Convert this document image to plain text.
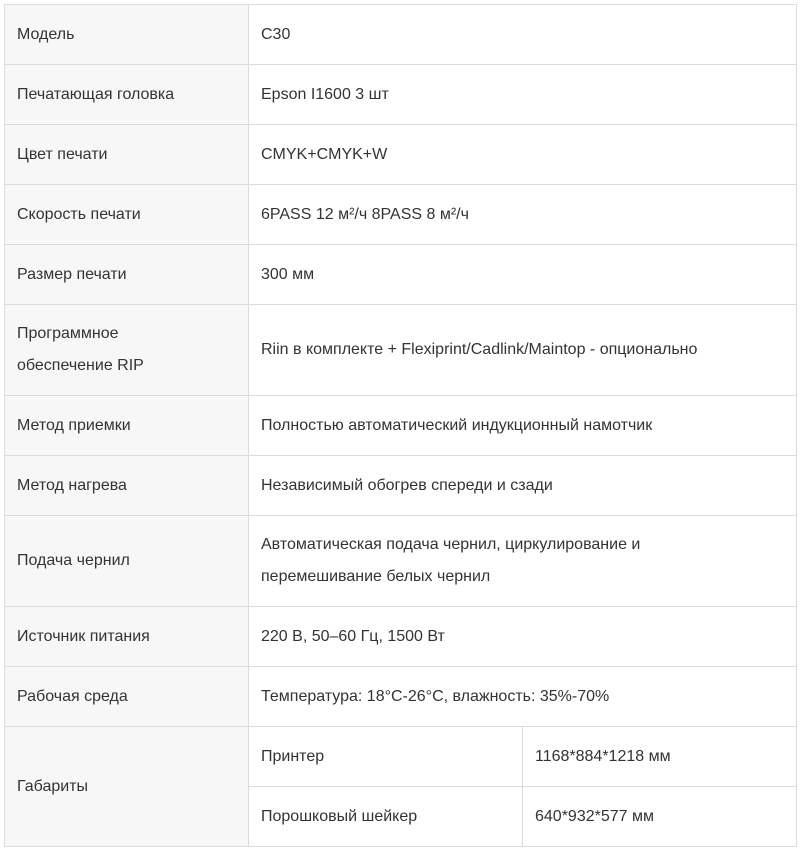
Модель	C30	
Печатающая головка	Epson I1600 3 шт	
Цвет печати	CMYK+CMYK+W	
Скорость печати	6PASS 12 м²/ч 8PASS 8 м²/ч	
Размер печати	300 мм	

Программное
обеспечение RIP	Riin в комплекте + Flexiprint/Cadlink/Maintop - опционально	
Метод приемки	Полностью автоматический индукционный намотчик	
Метод нагрева	Независимый обогрев спереди и сзади	
Подача чернил	Автоматическая подача чернил, циркулирование и
перемешивание белых чернил	

Источник питания	220 В, 50–60 Гц, 1500 Вт	
Рабочая среда	Температура: 18°C-26°C, влажность: 35%-70%	
Габариты	Принтер	1168*884*1218 мм
	Порошковый шейкер	640*932*577 мм
